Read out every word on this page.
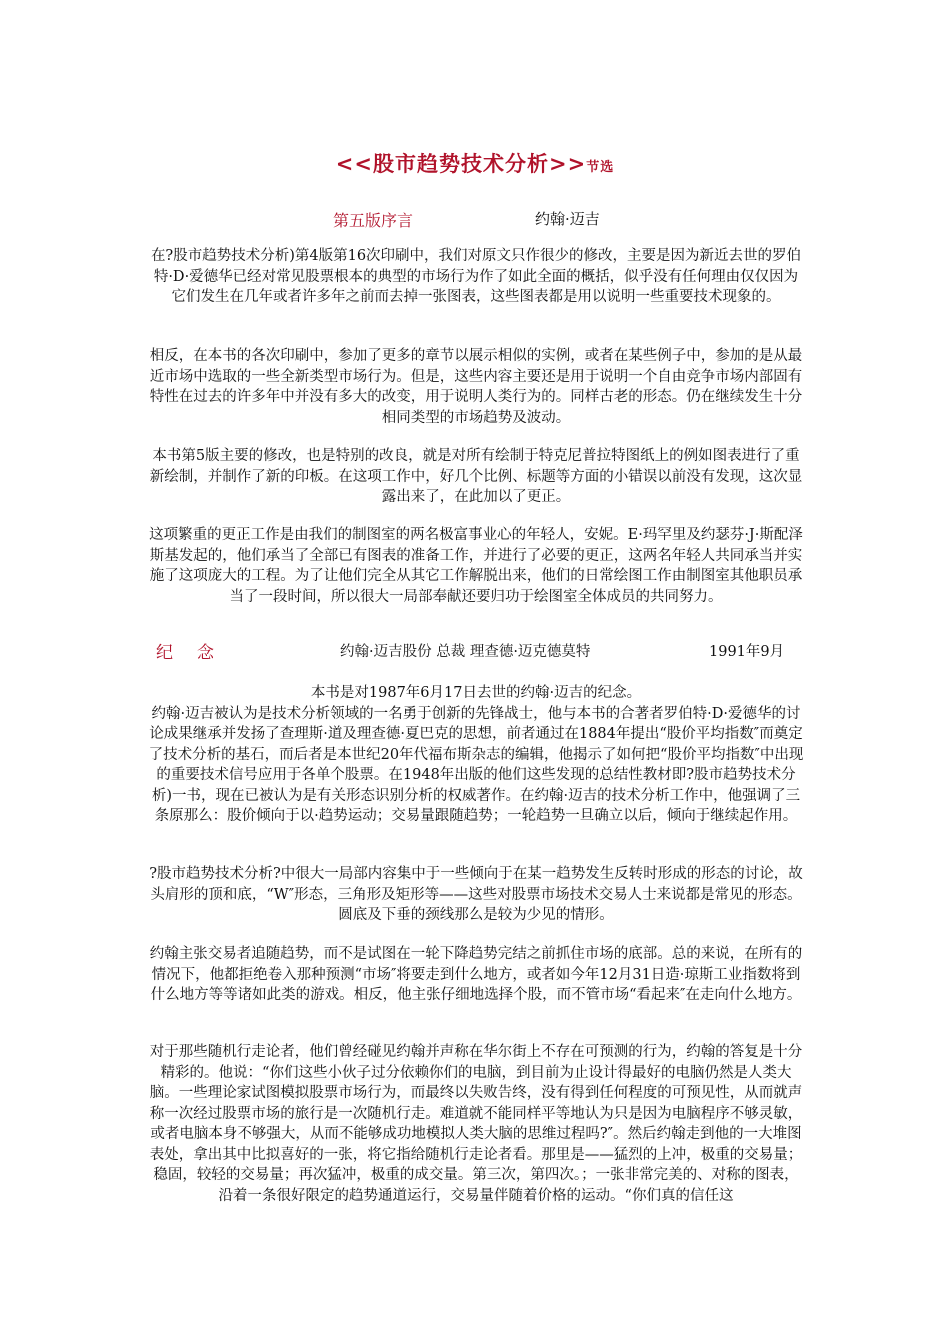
<<股市趋势技术分析>>节选
第五版序言	约翰·迈吉

在?股市趋势技术分析)第4版第16次印刷中，我们对原文只作很少的修改，主要是因为新近去世的罗伯特·D·爱德华已经对常见股票根本的典型的市场行为作了如此全面的概括，似乎没有任何理由仅仅因为它们发生在几年或者许多年之前而去掉一张图表，这些图表都是用以说明一些重要技术现象的。

相反，在本书的各次印刷中，参加了更多的章节以展示相似的实例，或者在某些例子中，参加的是从最近市场中选取的一些全新类型市场行为。但是，这些内容主要还是用于说明一个自由竞争市场内部固有特性在过去的许多年中并没有多大的改变，用于说明人类行为的。同样古老的形态。仍在继续发生十分相同类型的市场趋势及波动。

本书第5版主要的修改，也是特别的改良，就是对所有绘制于特克尼普拉特图纸上的例如图表进行了重新绘制，并制作了新的印板。在这项工作中，好几个比例、标题等方面的小错误以前没有发现，这次显露出来了，在此加以了更正。

这项繁重的更正工作是由我们的制图室的两名极富事业心的年轻人，安妮。E·玛罕里及约瑟芬·J·斯配泽斯基发起的，他们承当了全部已有图表的准备工作，并进行了必要的更正，这两名年轻人共同承当并实施了这项庞大的工程。为了让他们完全从其它工作解脱出来，他们的日常绘图工作由制图室其他职员承当了一段时间，所以很大一局部奉献还要归功于绘图室全体成员的共同努力。

纪念	约翰·迈吉股份 总裁 理查德·迈克德莫特	1991年9月
本书是对1987年6月17日去世的约翰·迈吉的纪念。
约翰·迈吉被认为是技术分析领域的一名勇于创新的先锋战士，他与本书的合著者罗伯特·D·爱德华的讨论成果继承并发扬了查理斯·道及理查德·夏巴克的思想，前者通过在1884年提出“股价平均指数″而奠定了技术分析的基石，而后者是本世纪20年代福布斯杂志的编辑，他揭示了如何把“股价平均指数″中出现的重要技术信号应用于各单个股票。在1948年出版的他们这些发现的总结性教材即?股市趋势技术分析)一书，现在已被认为是有关形态识别分析的权威著作。在约翰·迈吉的技术分析工作中，他强调了三条原那么：股价倾向于以·趋势运动；交易量跟随趋势；一轮趋势一旦确立以后，倾向于继续起作用。

?股市趋势技术分析?中很大一局部内容集中于一些倾向于在某一趋势发生反转时形成的形态的讨论，故头肩形的顶和底，“W″形态，三角形及矩形等——这些对股票市场技术交易人士来说都是常见的形态。圆底及下垂的颈线那么是较为少见的情形。

约翰主张交易者追随趋势，而不是试图在一轮下降趋势完结之前抓住市场的底部。总的来说，在所有的情况下，他都拒绝卷入那种预测“市场″将要走到什么地方，或者如今年12月31日造·琼斯工业指数将到什么地方等等诸如此类的游戏。相反，他主张仔细地选择个股，而不管市场“看起来″在走向什么地方。

对于那些随机行走论者，他们曾经碰见约翰并声称在华尔街上不存在可预测的行为，约翰的答复是十分精彩的。他说：“你们这些小伙子过分依赖你们的电脑，到目前为止设计得最好的电脑仍然是人类大脑。一些理论家试图模拟股票市场行为，而最终以失败告终，没有得到任何程度的可预见性，从而就声称一次经过股票市场的旅行是一次随机行走。难道就不能同样平等地认为只是因为电脑程序不够灵敏，或者电脑本身不够强大，从而不能够成功地模拟人类大脑的思维过程吗?″。然后约翰走到他的一大堆图表处，拿出其中比拟喜好的一张，将它指给随机行走论者看。那里是——猛烈的上冲，极重的交易量；稳固，较轻的交易量；再次猛冲，极重的成交量。第三次，第四次。；一张非常完美的、对称的图表，沿着一条很好限定的趋势通道运行，交易量伴随着价格的运动。“你们真的信任这
